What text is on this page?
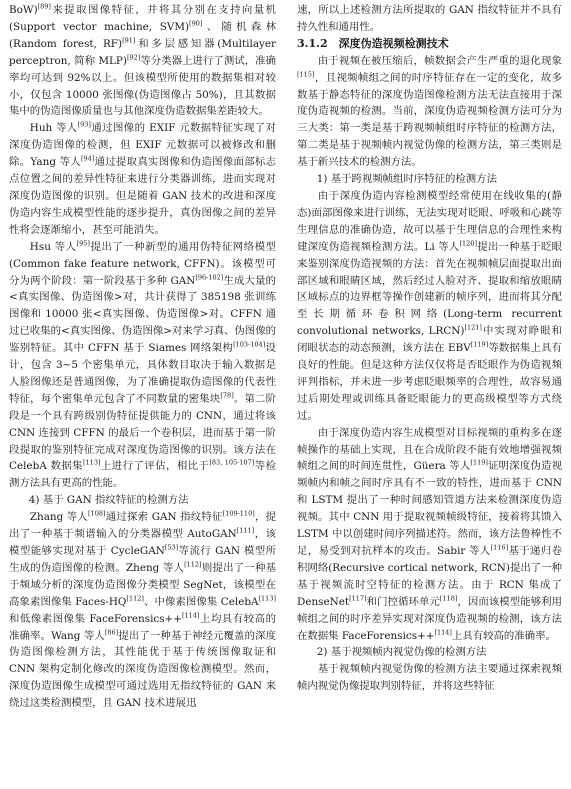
BoW)[89]来提取图像特征，并将其分别在支持向量机(Support vector machine, SVM)[90]、随机森林(Random forest, RF)[91]和多层感知器(Multilayer perceptron, 简称 MLP)[92]等分类器上进行了测试，准确率均可达到 92%以上。但该模型所使用的数据集相对较小，仅包含 10000 张图像(伪造图像占 50%)，且其数据集中的伪造图像质量也与其他深度伪造数据集差距较大。

Huh 等人[93]通过图像的 EXIF 元数据特征实现了对深度伪造图像的检测，但 EXIF 元数据可以被修改和删除。Yang 等人[94]通过提取真实图像和伪造图像面部标志点位置之间的差异性特征来进行分类器训练，进而实现对深度伪造图像的识别。但是随着 GAN 技术的改进和深度伪造内容生成模型性能的逐步提升，真伪图像之间的差异性将会逐渐缩小，甚至可能消失。

Hsu 等人[95]提出了一种新型的通用伪特征网络模型(Common fake feature network, CFFN)。该模型可分为两个阶段：第一阶段基于多种 GAN[96-102]生成大量的<真实图像、伪造图像>对，共计获得了 385198 张训练图像和 10000 张<真实图像、伪造图像>对。CFFN 通过已收集的<真实图像、伪造图像>对来学习真、伪图像的鉴别特征。其中 CFFN 基于 Siames 网络架构[103-104]设计，包含 3~5 个密集单元，具体数目取决于输入数据是人脸图像还是普通图像，为了准确提取伪造图像的代表性特征，每个密集单元包含了不同数量的密集块[78]。第二阶段是一个具有跨级别伪特征提供能力的 CNN，通过将该 CNN 连接到 CFFN 的最后一个卷积层，进而基于第一阶段提取的鉴别特征完成对深度伪造图像的识别。该方法在 CelebA 数据集[113]上进行了评估，相比于[83, 105-107]等检测方法具有更高的性能。

4) 基于 GAN 指纹特征的检测方法

Zhang 等人[108]通过探索 GAN 指纹特征[109-110]，提出了一种基于频谱输入的分类器模型 AutoGAN[111]，该模型能够实现对基于 CycleGAN[53]等流行 GAN 模型所生成的伪造图像的检测。Zheng 等人[112]则提出了一种基于频域分析的深度伪造图像分类模型 SegNet，该模型在高象素图像集 Faces-HQ[112]、中像素图像集 CelebA[113]和低像素图像集 FaceForensics++[114]上均具有较高的准确率。Wang 等人[86]提出了一种基于神经元覆盖的深度伪造图像检测方法，其性能优于基于传统图像取证和 CNN 架构定制化修改的深度伪造图像检测模型。然而，深度伪造图像生成模型可通过选用无指纹特征的 GAN 来绕过这类检测模型，且 GAN 技术进展迅

速，所以上述检测方法所提取的 GAN 指纹特征并不具有持久性和通用性。

3.1.2　深度伪造视频检测技术

由于视频在被压缩后，帧数据会产生严重的退化现象[115]，且视频帧组之间的时序特征存在一定的变化，故多数基于静态特征的深度伪造图像检测方法无法直接用于深度伪造视频的检测。当前，深度伪造视频检测方法可分为三大类：第一类是基于跨视频帧组时序特征的检测方法，第二类是基于视频帧内视觉伪像的检测方法，第三类则是基于新兴技术的检测方法。

1) 基于跨视频帧组时序特征的检测方法

由于深度伪造内容检测模型经常使用在线收集的(静态)面部图像来进行训练，无法实现对眨眼、呼吸和心跳等生理信息的准确伪造，故可以基于生理信息的合理性来构建深度伪造视频检测方法。Li 等人[120]提出一种基于眨眼来鉴别深度伪造视频的方法：首先在视频帧层面提取出面部区域和眼睛区域，然后经过人脸对齐、提取和缩放眼睛区域标点的边界框等操作创建新的帧序列，进而将其分配至长期循环卷积网络(Long-term recurrent convolutional networks, LRCN)[121]中实现对睁眼和闭眼状态的动态预测，该方法在 EBV[119]等数据集上具有良好的性能。但是这种方法仅仅将是否眨眼作为伪造视频评判指标，并未进一步考虑眨眼频率的合理性，故容易通过后期处理或训练具备眨眼能力的更高级模型等方式绕过。

由于深度伪造内容生成模型对目标视频的重构多在逐帧操作的基础上实现，且在合成阶段不能有效地增强视频帧组之间的时间连贯性，Güera 等人[119]证明深度伪造视频帧内和帧之间时序具有不一致的特性，进而基于 CNN 和 LSTM 提出了一种时间感知管道方法来检测深度伪造视频。其中 CNN 用于提取视频帧级特征，接着将其馈入 LSTM 中以创建时间序列描述符。然而，该方法鲁棒性不足，易受到对抗样本的攻击。Sabir 等人[116]基于递归卷积网络(Recursive cortical network, RCN)提出了一种基于视频流时空特征的检测方法。由于 RCN 集成了 DenseNet[117]和门控循环单元[118]，因而该模型能够利用帧组之间的时序差异实现对深度伪造视频的检测，该方法在数据集 FaceForensics++[114]上具有较高的准确率。

2) 基于视频帧内视觉伪像的检测方法

基于视频帧内视觉伪像的检测方法主要通过探索视频帧内视觉伪像提取判别特征，并将这些特征
